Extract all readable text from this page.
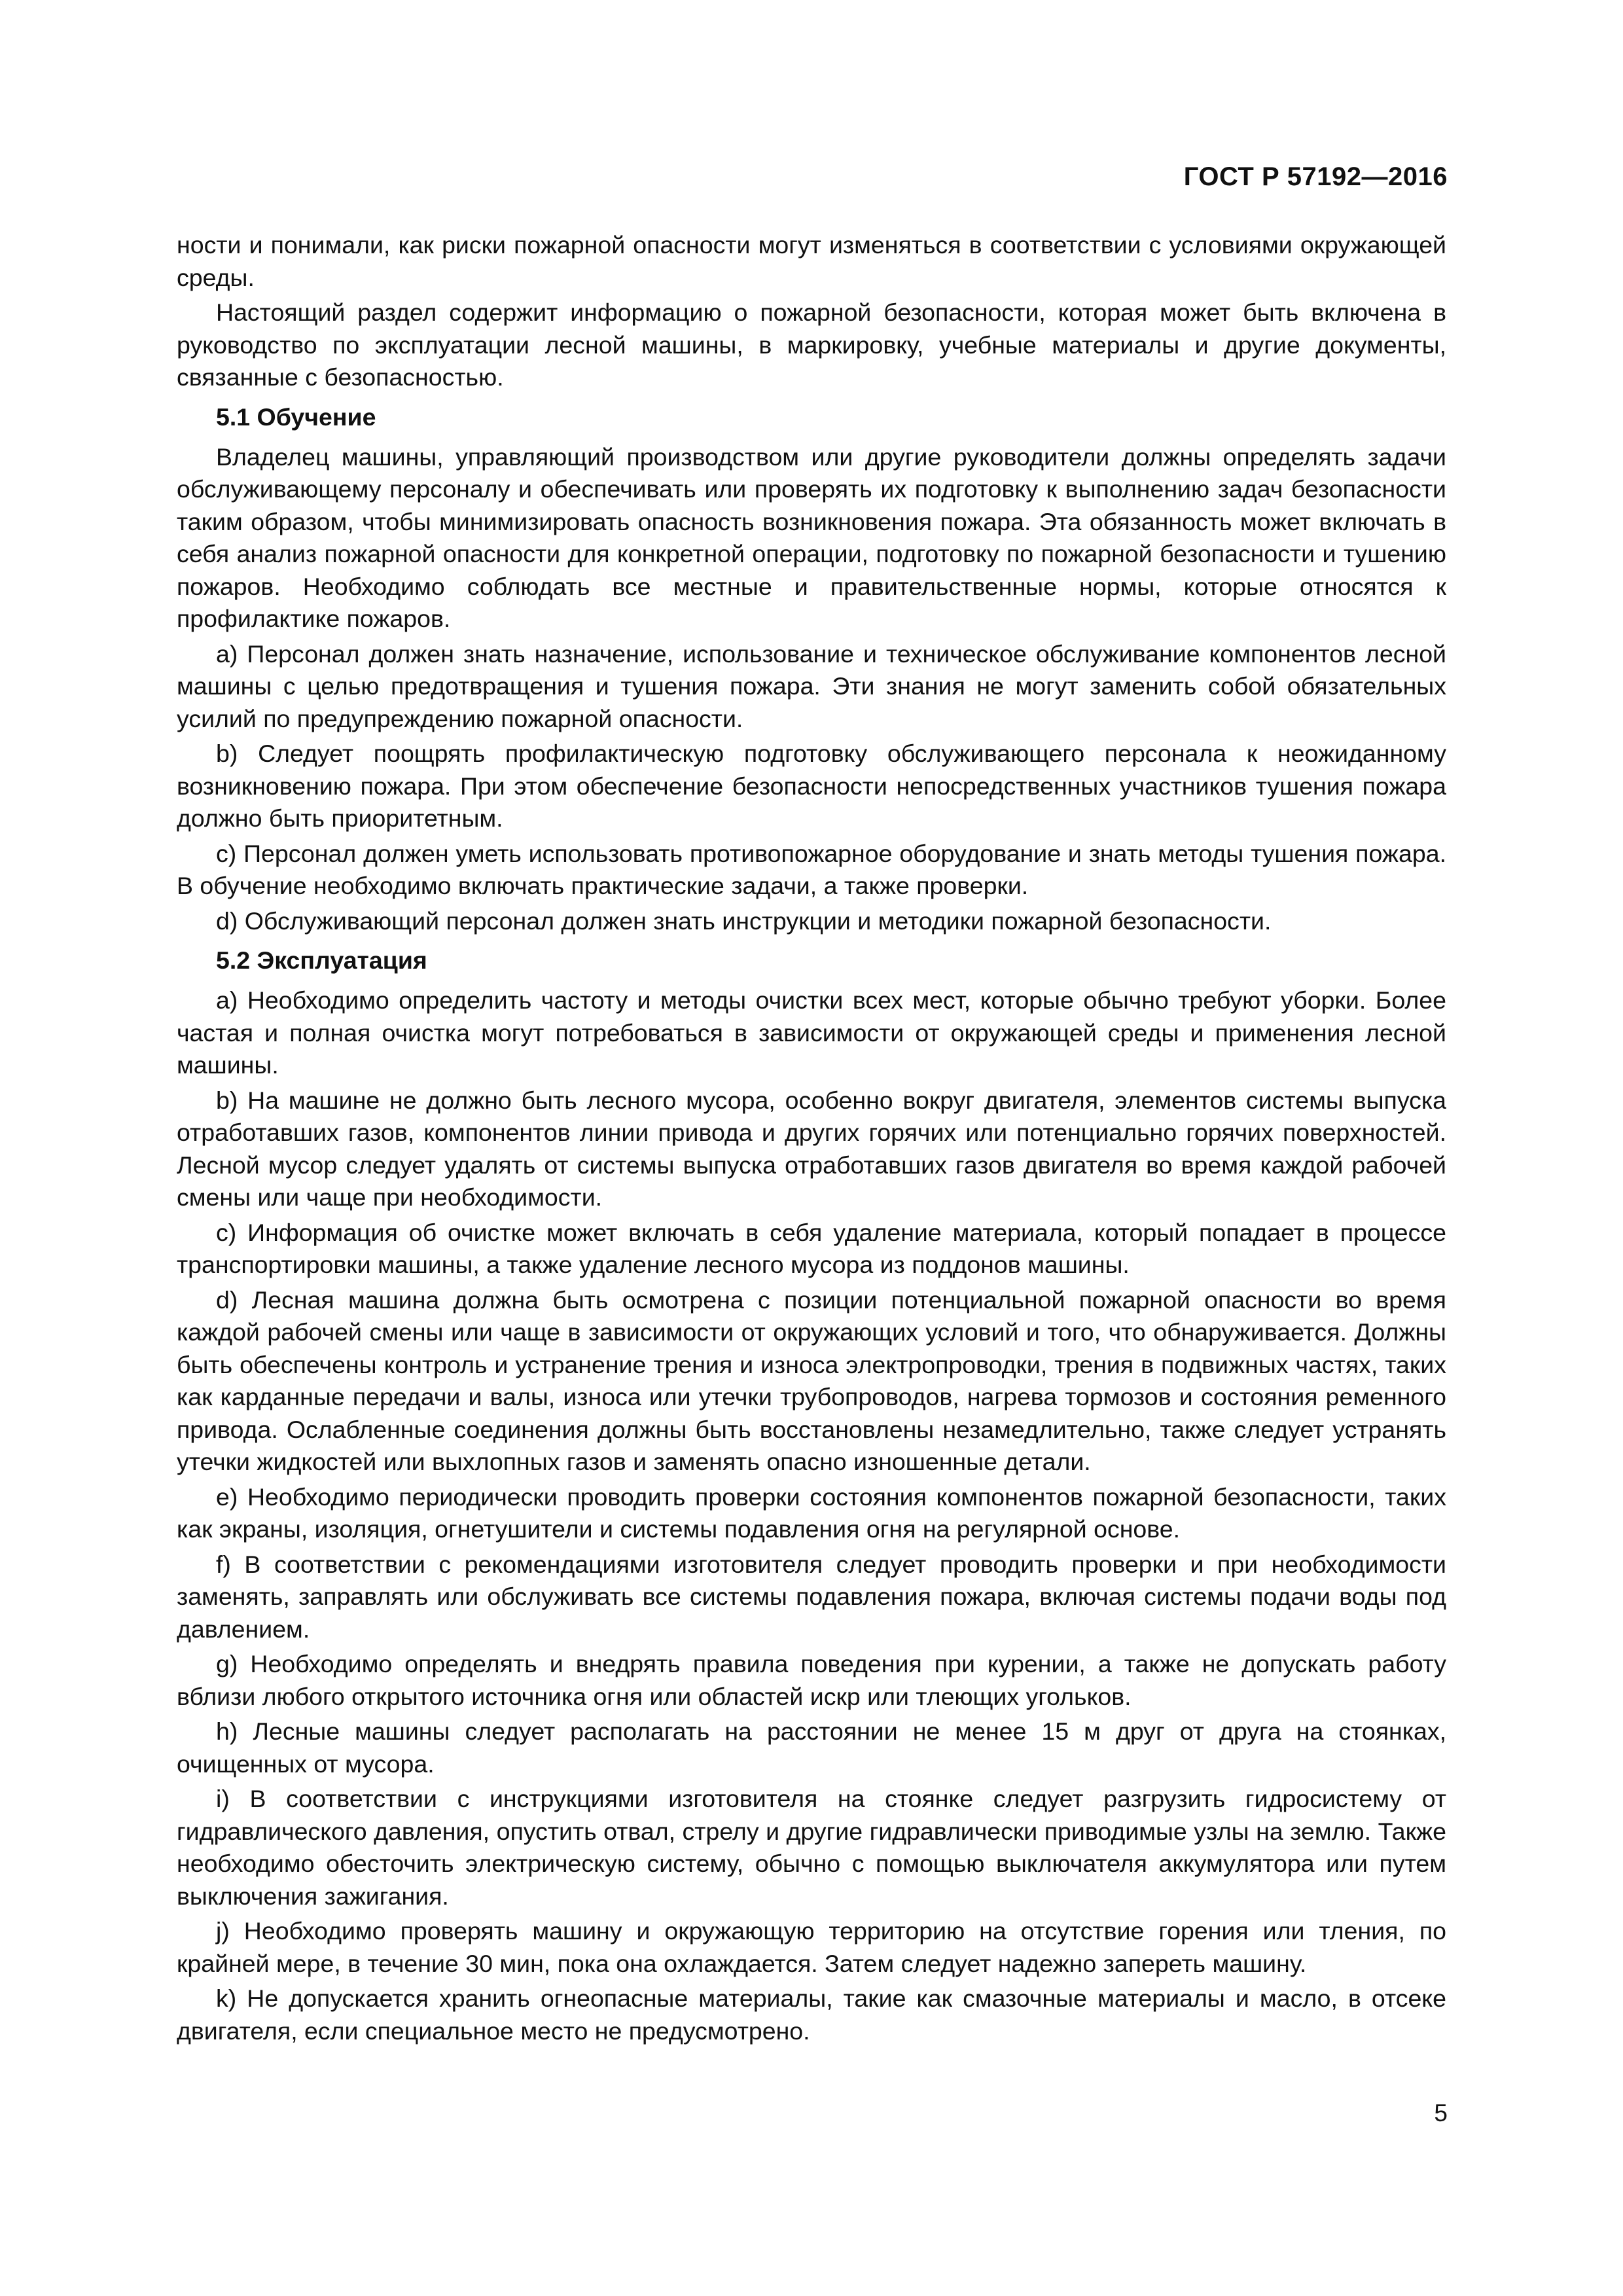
ГОСТ Р 57192—2016

ности и понимали, как риски пожарной опасности могут изменяться в соответствии с условиями окружающей среды.

Настоящий раздел содержит информацию о пожарной безопасности, которая может быть включена в руководство по эксплуатации лесной машины, в маркировку, учебные материалы и другие документы, связанные с безопасностью.

5.1 Обучение

Владелец машины, управляющий производством или другие руководители должны определять задачи обслуживающему персоналу и обеспечивать или проверять их подготовку к выполнению задач безопасности таким образом, чтобы минимизировать опасность возникновения пожара. Эта обязанность может включать в себя анализ пожарной опасности для конкретной операции, подготовку по пожарной безопасности и тушению пожаров. Необходимо соблюдать все местные и правительственные нормы, которые относятся к профилактике пожаров.

a) Персонал должен знать назначение, использование и техническое обслуживание компонентов лесной машины с целью предотвращения и тушения пожара. Эти знания не могут заменить собой обязательных усилий по предупреждению пожарной опасности.

b) Следует поощрять профилактическую подготовку обслуживающего персонала к неожиданному возникновению пожара. При этом обеспечение безопасности непосредственных участников тушения пожара должно быть приоритетным.

c) Персонал должен уметь использовать противопожарное оборудование и знать методы тушения пожара. В обучение необходимо включать практические задачи, а также проверки.

d) Обслуживающий персонал должен знать инструкции и методики пожарной безопасности.

5.2 Эксплуатация

a) Необходимо определить частоту и методы очистки всех мест, которые обычно требуют уборки. Более частая и полная очистка могут потребоваться в зависимости от окружающей среды и применения лесной машины.

b) На машине не должно быть лесного мусора, особенно вокруг двигателя, элементов системы выпуска отработавших газов, компонентов линии привода и других горячих или потенциально горячих поверхностей. Лесной мусор следует удалять от системы выпуска отработавших газов двигателя во время каждой рабочей смены или чаще при необходимости.

c) Информация об очистке может включать в себя удаление материала, который попадает в процессе транспортировки машины, а также удаление лесного мусора из поддонов машины.

d) Лесная машина должна быть осмотрена с позиции потенциальной пожарной опасности во время каждой рабочей смены или чаще в зависимости от окружающих условий и того, что обнаруживается. Должны быть обеспечены контроль и устранение трения и износа электропроводки, трения в подвижных частях, таких как карданные передачи и валы, износа или утечки трубопроводов, нагрева тормозов и состояния ременного привода. Ослабленные соединения должны быть восстановлены незамедлительно, также следует устранять утечки жидкостей или выхлопных газов и заменять опасно изношенные детали.

e) Необходимо периодически проводить проверки состояния компонентов пожарной безопасности, таких как экраны, изоляция, огнетушители и системы подавления огня на регулярной основе.

f) В соответствии с рекомендациями изготовителя следует проводить проверки и при необходимости заменять, заправлять или обслуживать все системы подавления пожара, включая системы подачи воды под давлением.

g) Необходимо определять и внедрять правила поведения при курении, а также не допускать работу вблизи любого открытого источника огня или областей искр или тлеющих угольков.

h) Лесные машины следует располагать на расстоянии не менее 15 м друг от друга на стоянках, очищенных от мусора.

i) В соответствии с инструкциями изготовителя на стоянке следует разгрузить гидросистему от гидравлического давления, опустить отвал, стрелу и другие гидравлически приводимые узлы на землю. Также необходимо обесточить электрическую систему, обычно с помощью выключателя аккумулятора или путем выключения зажигания.

j) Необходимо проверять машину и окружающую территорию на отсутствие горения или тления, по крайней мере, в течение 30 мин, пока она охлаждается. Затем следует надежно запереть машину.

k) Не допускается хранить огнеопасные материалы, такие как смазочные материалы и масло, в отсеке двигателя, если специальное место не предусмотрено.

5
